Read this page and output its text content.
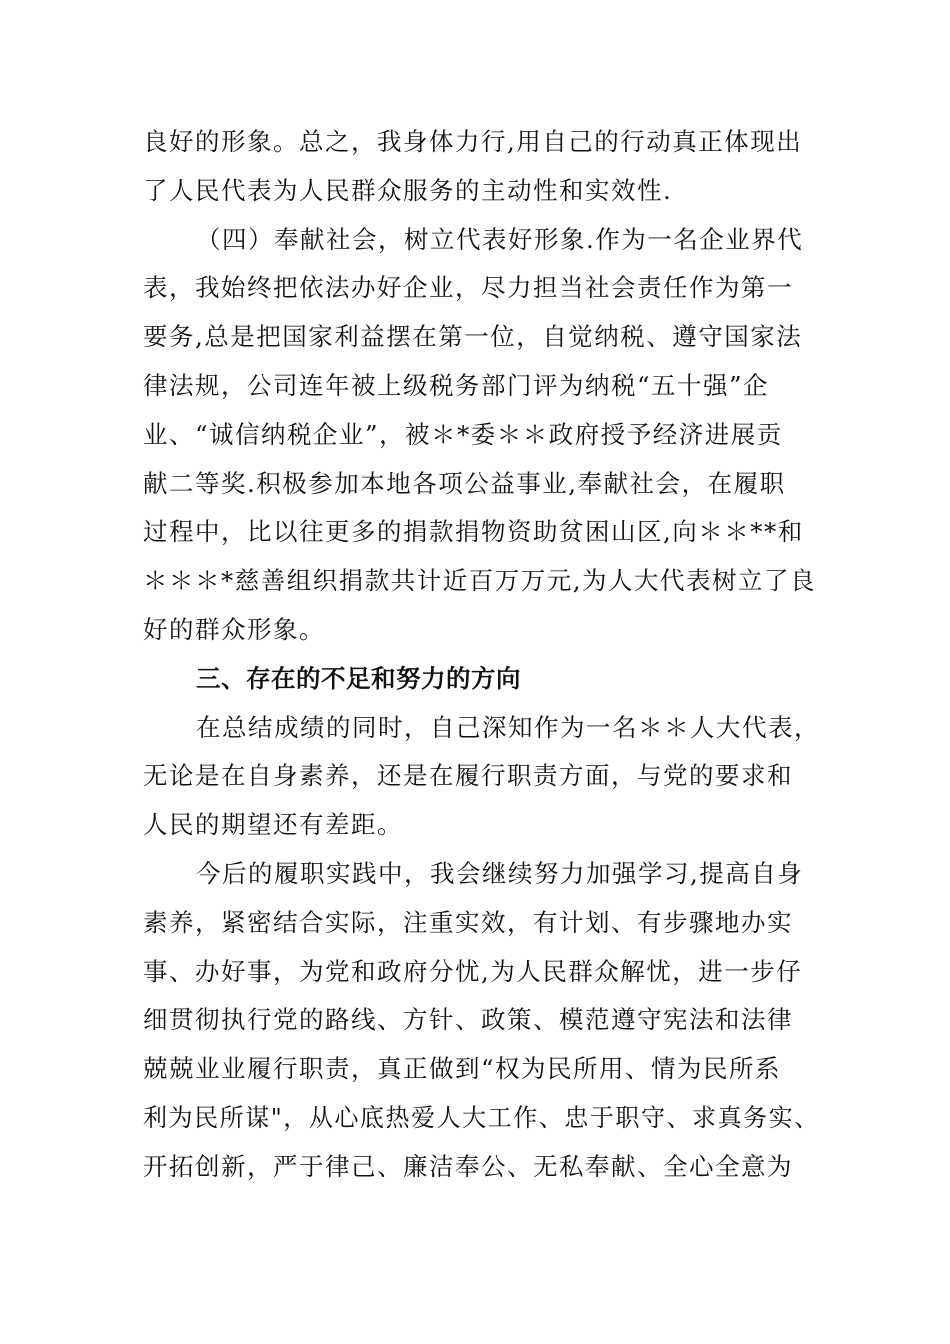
良好的形象。总之，我身体力行,用自己的行动真正体现出
了人民代表为人民群众服务的主动性和实效性.
（四）奉献社会，树立代表好形象.作为一名企业界代
表，我始终把依法办好企业，尽力担当社会责任作为第一
要务,总是把国家利益摆在第一位，自觉纳税、遵守国家法
律法规，公司连年被上级税务部门评为纳税“五十强”企
业、“诚信纳税企业”，被＊*委＊＊政府授予经济进展贡
献二等奖.积极参加本地各项公益事业,奉献社会，在履职
过程中，比以往更多的捐款捐物资助贫困山区,向＊＊**和
＊＊＊*慈善组织捐款共计近百万万元,为人大代表树立了良
好的群众形象。
三、存在的不足和努力的方向
在总结成绩的同时，自己深知作为一名＊＊人大代表，
无论是在自身素养，还是在履行职责方面，与党的要求和
人民的期望还有差距。
今后的履职实践中，我会继续努力加强学习,提高自身
素养，紧密结合实际，注重实效，有计划、有步骤地办实
事、办好事，为党和政府分忧,为人民群众解忧，进一步仔
细贯彻执行党的路线、方针、政策、模范遵守宪法和法律
兢兢业业履行职责，真正做到“权为民所用、情为民所系
利为民所谋"，从心底热爱人大工作、忠于职守、求真务实、
开拓创新，严于律己、廉洁奉公、无私奉献、全心全意为
